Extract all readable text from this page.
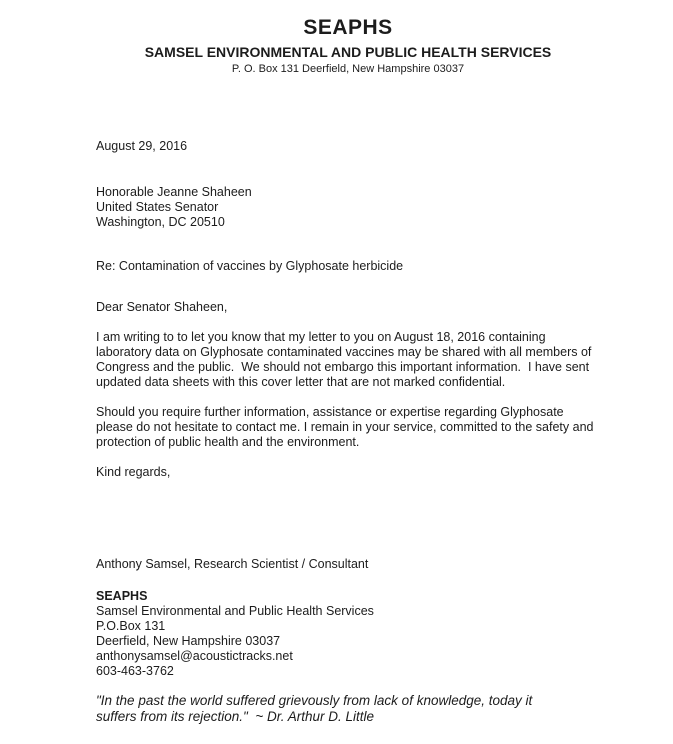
SEAPHS
SAMSEL ENVIRONMENTAL AND PUBLIC HEALTH SERVICES
P. O. Box 131 Deerfield, New Hampshire 03037
August 29, 2016
Honorable Jeanne Shaheen
United States Senator
Washington, DC 20510
Re: Contamination of vaccines by Glyphosate herbicide
Dear Senator Shaheen,
I am writing to to let you know that my letter to you on August 18, 2016 containing laboratory data on Glyphosate contaminated vaccines may be shared with all members of Congress and the public.  We should not embargo this important information.  I have sent updated data sheets with this cover letter that are not marked confidential.
Should you require further information, assistance or expertise regarding Glyphosate please do not hesitate to contact me. I remain in your service, committed to the safety and protection of public health and the environment.
Kind regards,
Anthony Samsel, Research Scientist / Consultant
SEAPHS
Samsel Environmental and Public Health Services
P.O.Box 131
Deerfield, New Hampshire 03037
anthonysamsel@acoustictracks.net
603-463-3762
"In the past the world suffered grievously from lack of knowledge, today it suffers from its rejection."  ~ Dr. Arthur D. Little
